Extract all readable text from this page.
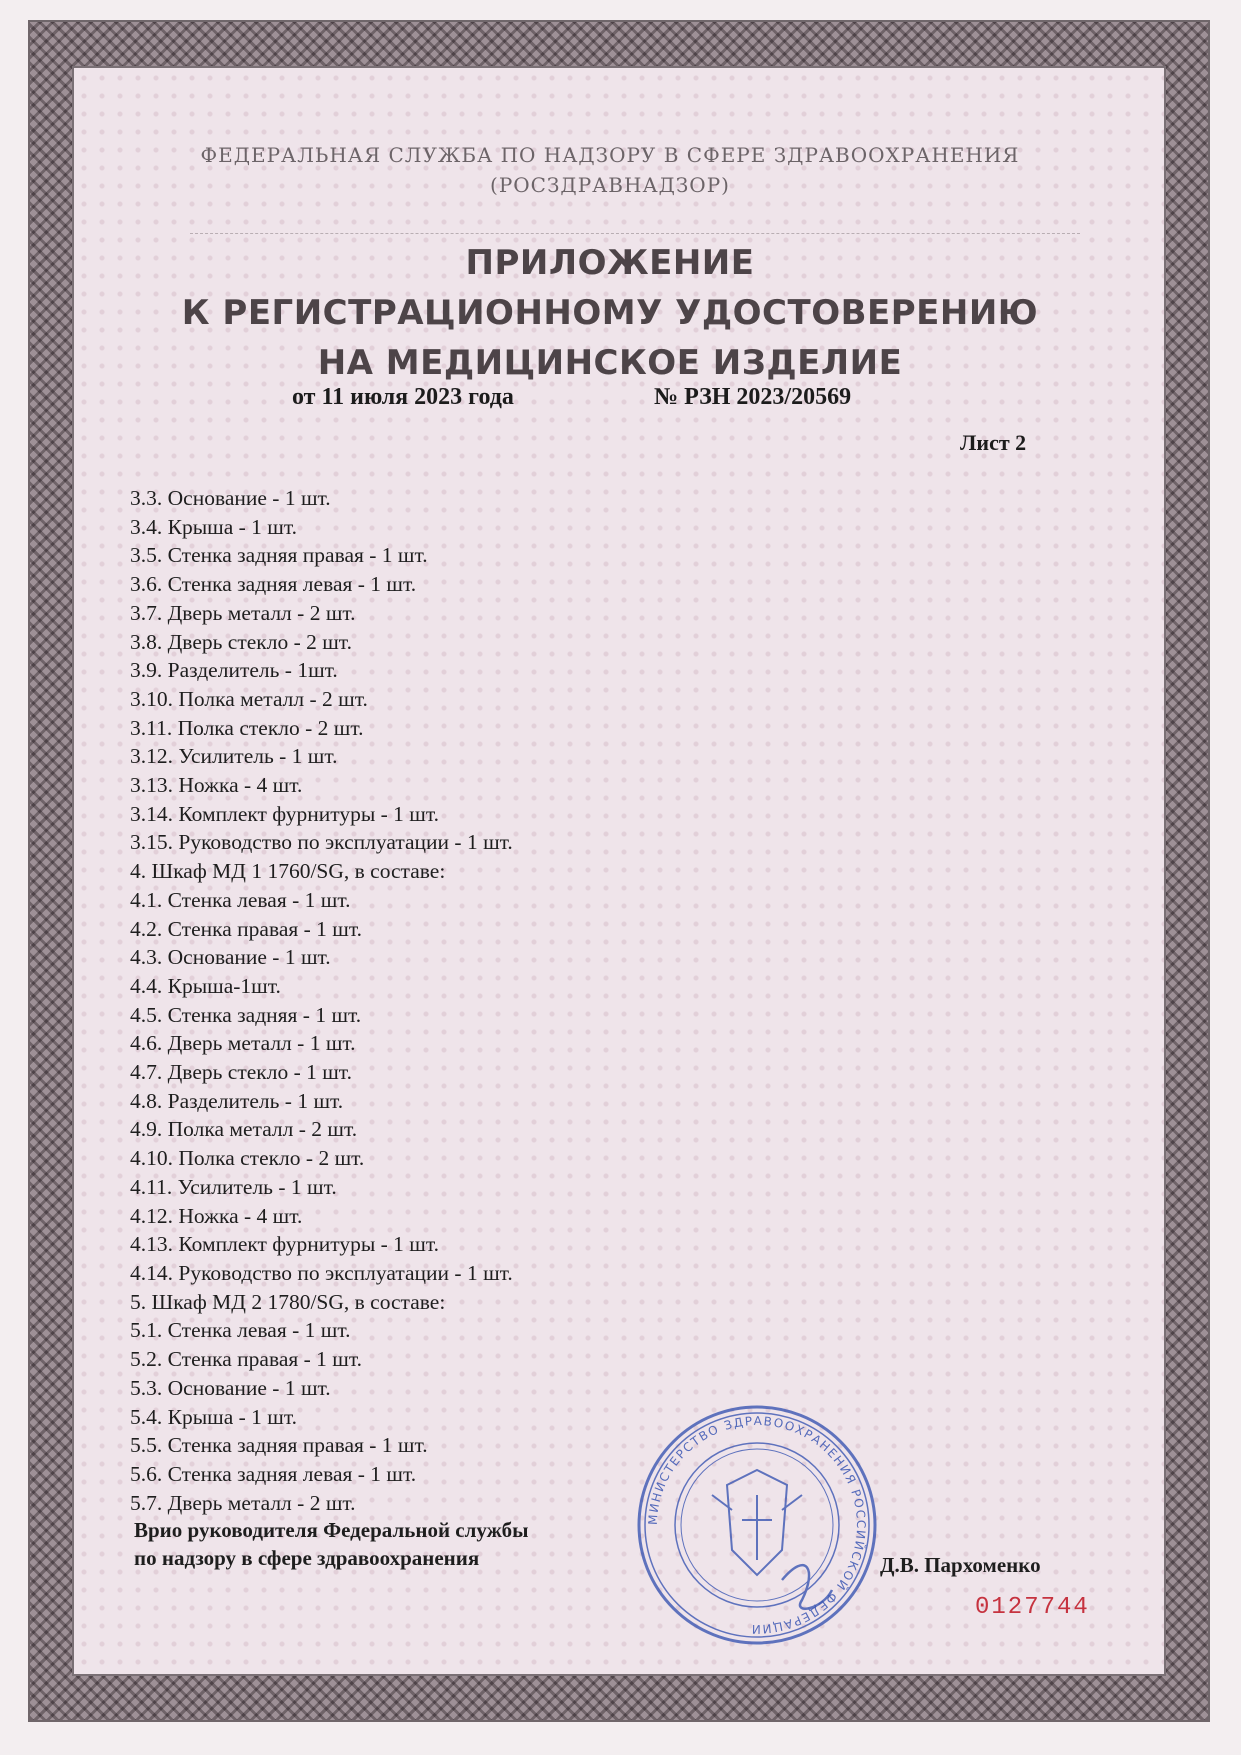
ФЕДЕРАЛЬНАЯ СЛУЖБА ПО НАДЗОРУ В СФЕРЕ ЗДРАВООХРАНЕНИЯ
(РОСЗДРАВНАДЗОР)
ПРИЛОЖЕНИЕ
К РЕГИСТРАЦИОННОМУ УДОСТОВЕРЕНИЮ
НА МЕДИЦИНСКОЕ ИЗДЕЛИЕ
от 11 июля 2023 года	№ РЗН 2023/20569
Лист 2
3.3. Основание - 1 шт.
3.4. Крыша - 1 шт.
3.5. Стенка задняя правая - 1 шт.
3.6. Стенка задняя левая - 1 шт.
3.7. Дверь металл - 2 шт.
3.8. Дверь стекло - 2 шт.
3.9. Разделитель - 1шт.
3.10. Полка металл - 2 шт.
3.11. Полка стекло - 2 шт.
3.12. Усилитель - 1 шт.
3.13. Ножка - 4 шт.
3.14. Комплект фурнитуры - 1 шт.
3.15. Руководство по эксплуатации - 1 шт.
4. Шкаф МД 1 1760/SG, в составе:
4.1. Стенка левая - 1 шт.
4.2. Стенка правая - 1 шт.
4.3. Основание - 1 шт.
4.4. Крыша-1шт.
4.5. Стенка задняя - 1 шт.
4.6. Дверь металл - 1 шт.
4.7. Дверь стекло - 1 шт.
4.8. Разделитель - 1 шт.
4.9. Полка металл - 2 шт.
4.10. Полка стекло - 2 шт.
4.11. Усилитель - 1 шт.
4.12. Ножка - 4 шт.
4.13. Комплект фурнитуры - 1 шт.
4.14. Руководство по эксплуатации - 1 шт.
5. Шкаф МД 2 1780/SG, в составе:
5.1. Стенка левая - 1 шт.
5.2. Стенка правая - 1 шт.
5.3. Основание - 1 шт.
5.4. Крыша - 1 шт.
5.5. Стенка задняя правая - 1 шт.
5.6. Стенка задняя левая - 1 шт.
5.7. Дверь металл - 2 шт.
МИНИСТЕРСТВО ЗДРАВООХРАНЕНИЯ РОССИЙСКОЙ ФЕДЕРАЦИИ
Врио руководителя Федеральной службы
по надзору в сфере здравоохранения	Д.В. Пархоменко
0127744
